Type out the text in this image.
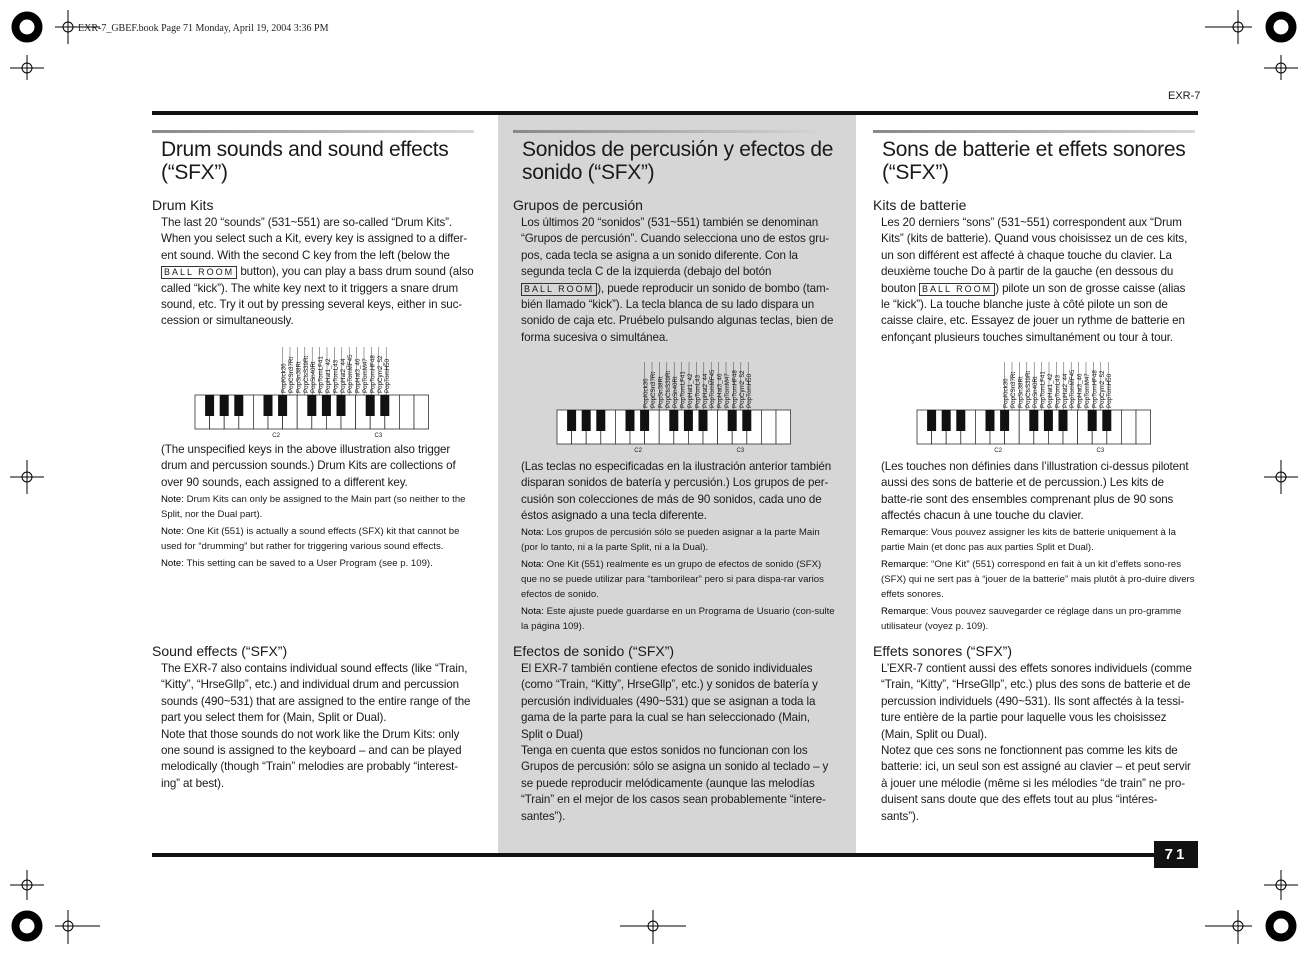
EXR-7_GBEF.book Page 71 Monday, April 19, 2004 3:36 PM
EXR-7
71
Drum sounds and sound effects (“SFX”)
Drum Kits
The last 20 “sounds” (531~551) are so-called “Drum Kits”. When you select such a Kit, every key is assigned to a differ-ent sound. With the second C key from the left (below the BALL ROOM button), you can play a bass drum sound (also called “kick”). The white key next to it triggers a snare drum sound, etc. Try it out by pressing several keys, either in suc-cession or simultaneously.
PopKick36 PopCSn37Rt PopSn38Rt PopClsS39Rt PopSn40Rt PopTomLF41 PopHat1_42 PopTomL43 PopHat2_44 PopTomMF45 PopHat3_46 PopTomM47 PopTomHF48 PopCym2_52 PopTomH50
C2	C3
(The unspecified keys in the above illustration also trigger drum and percussion sounds.) Drum Kits are collections of over 90 sounds, each assigned to a different key.
Note: Drum Kits can only be assigned to the Main part (so neither to the Split, nor the Dual part).
Note: One Kit (551) is actually a sound effects (SFX) kit that cannot be used for “drumming” but rather for triggering various sound effects.
Note: This setting can be saved to a User Program (see p. 109).
Sound effects (“SFX”)
The EXR-7 also contains individual sound effects (like “Train, “Kitty”, “HrseGllp”, etc.) and individual drum and percussion sounds (490~531) that are assigned to the entire range of the part you select them for (Main, Split or Dual).
Note that those sounds do not work like the Drum Kits: only one sound is assigned to the keyboard – and can be played melodically (though “Train” melodies are probably “interest-ing” at best).
Sonidos de percusión y efectos de sonido (“SFX”)
Grupos de percusión
Los últimos 20 “sonidos” (531~551) también se denominan “Grupos de percusión”. Cuando selecciona uno de estos gru-pos, cada tecla se asigna a un sonido diferente. Con la segunda tecla C de la izquierda (debajo del botón BALL ROOM ), puede reproducir un sonido de bombo (tam-bién llamado “kick”). La tecla blanca de su lado dispara un sonido de caja etc. Pruébelo pulsando algunas teclas, bien de forma sucesiva o simultánea.
PopKick36 PopCSn37Rt PopSn38Rt PopClsS39Rt PopSn40Rt PopTomLF41 PopHat1_42 PopTomL43 PopHat2_44 PopTomMF45 PopHat3_46 PopTomM47 PopTomHF48 PopCym2_52 PopTomH50
C2	C3
(Las teclas no especificadas en la ilustración anterior también disparan sonidos de batería y percusión.) Los grupos de per-cusión son colecciones de más de 90 sonidos, cada uno de éstos asignado a una tecla diferente.
Nota: Los grupos de percusión sólo se pueden asignar a la parte Main (por lo tanto, ni a la parte Split, ni a la Dual).
Nota: One Kit (551) realmente es un grupo de efectos de sonido (SFX) que no se puede utilizar para “tamborilear” pero si para dispa-rar varios efectos de sonido.
Nota: Este ajuste puede guardarse en un Programa de Usuario (con-sulte la página 109).
Efectos de sonido (“SFX”)
El EXR-7 también contiene efectos de sonido individuales (como “Train, “Kitty”, HrseGllp”, etc.) y sonidos de batería y percusión individuales (490~531) que se asignan a toda la gama de la parte para la cual se han seleccionado (Main, Split o Dual)
Tenga en cuenta que estos sonidos no funcionan con los Grupos de percusión: sólo se asigna un sonido al teclado – y se puede reproducir melódicamente (aunque las melodías “Train” en el mejor de los casos sean probablemente “intere-santes”).
Sons de batterie et effets sonores (“SFX”)
Kits de batterie
Les 20 derniers “sons” (531~551) correspondent aux “Drum Kits” (kits de batterie). Quand vous choisissez un de ces kits, un son différent est affecté à chaque touche du clavier. La deuxième touche Do à partir de la gauche (en dessous du bouton BALL ROOM ) pilote un son de grosse caisse (alias le “kick”). La touche blanche juste à côté pilote un son de caisse claire, etc. Essayez de jouer un rythme de batterie en enfonçant plusieurs touches simultanément ou tour à tour.
PopKick36 PopCSn37Rt PopSn38Rt PopClsS39Rt PopSn40Rt PopTomLF41 PopHat1_42 PopTomL43 PopHat2_44 PopTomMF45 PopHat3_46 PopTomM47 PopTomHF48 PopCym2_52 PopTomH50
C2	C3
(Les touches non définies dans l’illustration ci-dessus pilotent aussi des sons de batterie et de percussion.) Les kits de batte-rie sont des ensembles comprenant plus de 90 sons affectés chacun à une touche du clavier.
Remarque: Vous pouvez assigner les kits de batterie uniquement à la partie Main (et donc pas aux parties Split et Dual).
Remarque: “One Kit” (551) correspond en fait à un kit d’effets sono-res (SFX) qui ne sert pas à “jouer de la batterie” mais plutôt à pro-duire divers effets sonores.
Remarque: Vous pouvez sauvegarder ce réglage dans un pro-gramme utilisateur (voyez p. 109).
Effets sonores (“SFX”)
L’EXR-7 contient aussi des effets sonores individuels (comme “Train, “Kitty”, “HrseGllp”, etc.) plus des sons de batterie et de percussion individuels (490~531). Ils sont affectés à la tessi-ture entière de la partie pour laquelle vous les choisissez (Main, Split ou Dual).
Notez que ces sons ne fonctionnent pas comme les kits de batterie: ici, un seul son est assigné au clavier – et peut servir à jouer une mélodie (même si les mélodies “de train” ne pro-duisent sans doute que des effets tout au plus “intéres-sants”).
